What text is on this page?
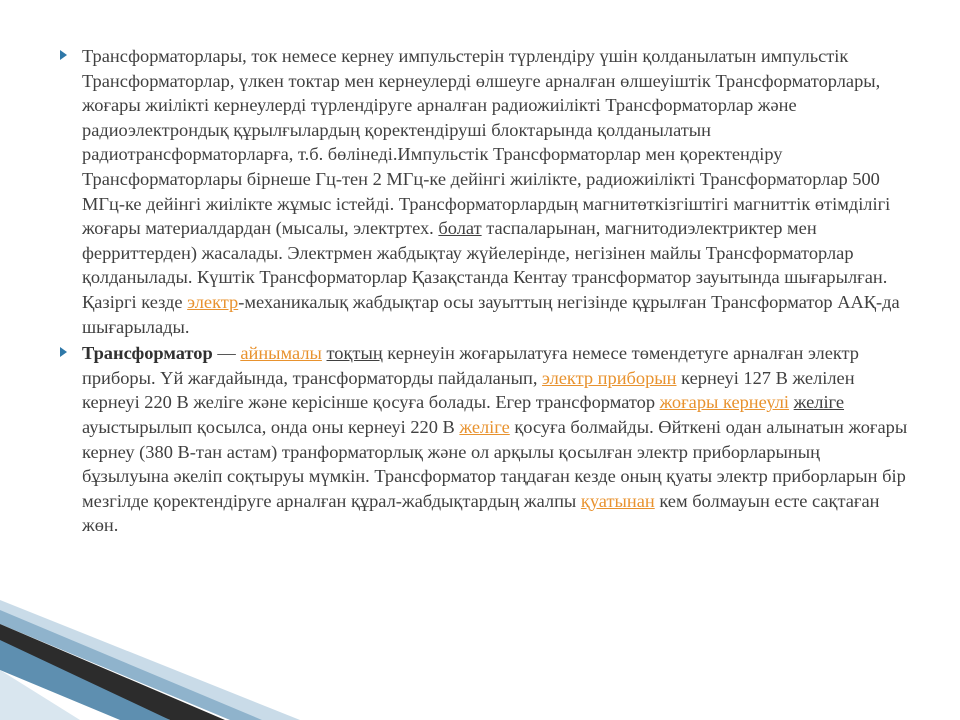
Трансформаторлары, ток немесе кернеу импульстерін түрлендіру үшін қолданылатын импульстік Трансформаторлар, үлкен токтар мен кернеулерді өлшеуге арналған өлшеуіштік Трансформаторлары, жоғары жиілікті кернеулерді түрлендіруге арналған радиожиілікті Трансформаторлар және радиоэлектрондық құрылғылардың қоректендіруші блоктарында қолданылатын радиотрансформаторларға, т.б. бөлінеді.Импульстік Трансформаторлар мен қоректендіру Трансформаторлары бірнеше Гц-тен 2 МГц-ке дейінгі жиілікте, радиожиілікті Трансформаторлар 500 МГц-ке дейінгі жиілікте жұмыс істейді. Трансформаторлардың магнитөткізгіштігі магниттік өтімділігі жоғары материалдардан (мысалы, электртех. болат таспаларынан, магнитодиэлектриктер мен ферриттерден) жасалады. Электрмен жабдықтау жүйелерінде, негізінен майлы Трансформаторлар қолданылады. Күштік Трансформаторлар Қазақстанда Кентау трансформатор зауытында шығарылған. Қазіргі кезде электр-механикалық жабдықтар осы зауыттың негізінде құрылған Трансформатор ААҚ-да шығарылады.
Трансформатор — айнымалы тоқтың кернеуін жоғарылатуға немесе төмендетуге арналған электр приборы. Үй жағдайында, трансформаторды пайдаланып, электр приборын кернеуі 127 В желілен кернеуі 220 В желіге және керісінше қосуға болады. Егер трансформатор жоғары кернеулі желіге ауыстырылып қосылса, онда оны кернеуі 220 В желіге қосуға болмайды. Өйткені одан алынатын жоғары кернеу (380 В-тан астам) транформаторлық және ол арқылы қосылған электр приборларының бұзылуына әкеліп соқтыруы мүмкін. Трансформатор таңдаған кезде оның қуаты электр приборларын бір мезгілде қоректендіруге арналған құрал-жабдықтардың жалпы қуатынан кем болмауын есте сақтаған жөн.
